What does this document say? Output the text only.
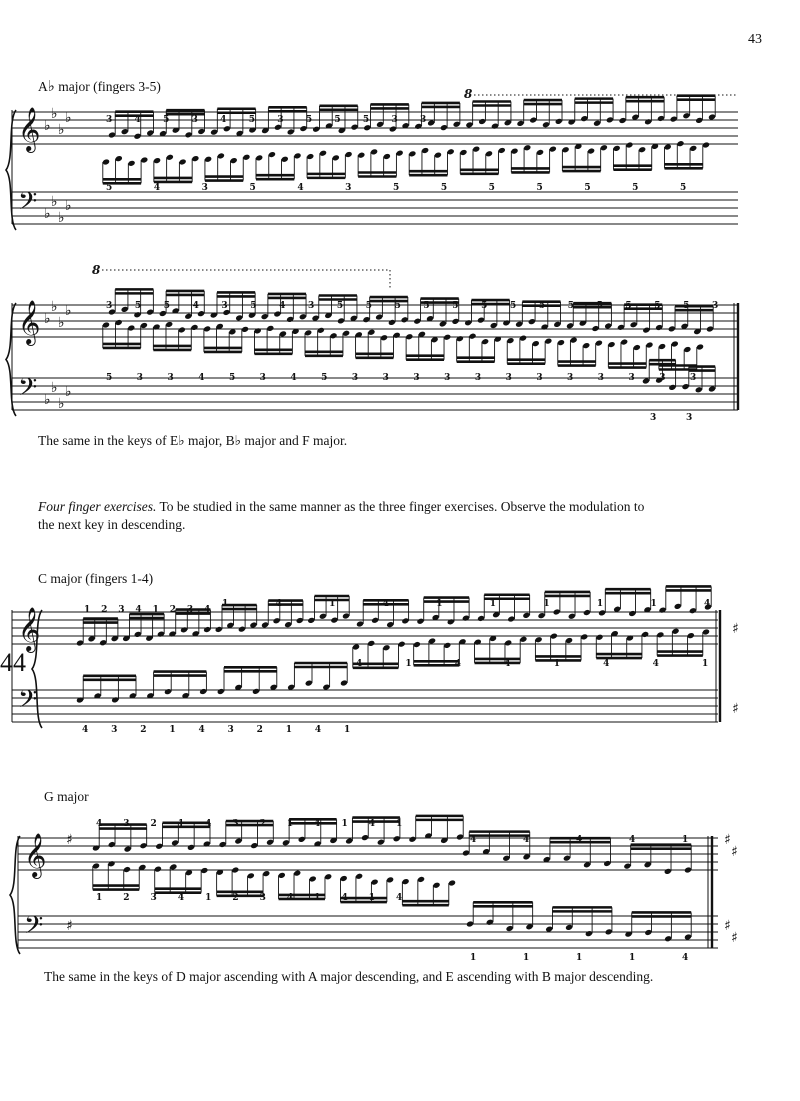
43
44
A♭ major (fingers 3-5)
The same in the keys of E♭ major, B♭ major and F major.
Four finger exercises. To be studied in the same manner as the three finger exercises. Observe the modulation to the next key in descending.
C major (fingers 1-4)
G major
The same in the keys of D major ascending with A major descending, and E ascending with B major descending.
𝄞
𝄢
♭
♭
♭
♭
♭
♭
♭
♭
3 4 5 3 4 5 3 5 5 5 3 3
5	4	3	5	4	3	5	5	5	5	5	5	5
8
𝄞
𝄢
♭
♭
♭
♭
♭
♭
♭
♭
3	5	5	4	3	5	4	3	5	5	5	5	5	5	5	5	5	5	5	5	5	3
5	3	3	4	5	3	4	5	3	3	3	3	3	3	3	3	3	3	3	3
3	3
8
𝄞
𝄢
♯
♯
1 2 3 4 1 2 3 4
1	4	1	4	1	1	1	1	1	4
4	3	2	1	4	3	2	1	4	1
4	1	4	4	1	4	4	1
𝄞
𝄢
♯
♯
♯
♯
♯
♯
4 3 2 1 4 3 2 1 4 1 4 1
4	4	4	4	1
1 2 3 4 1 2 3 4 1 4 1 4
1	1	1	1	4
